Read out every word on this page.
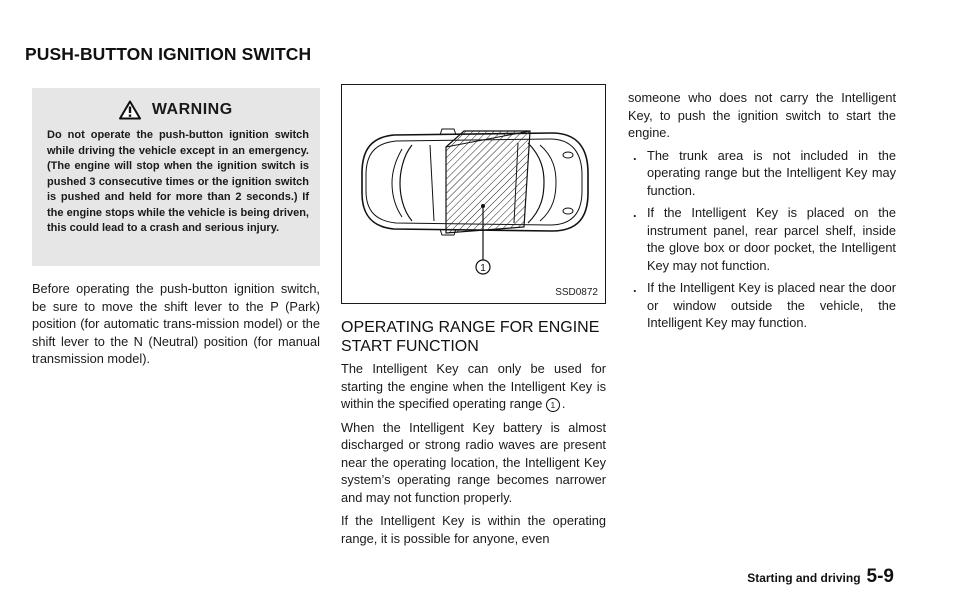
PUSH-BUTTON IGNITION SWITCH
WARNING

Do not operate the push-button ignition switch while driving the vehicle except in an emergency. (The engine will stop when the ignition switch is pushed 3 consecutive times or the ignition switch is pushed and held for more than 2 seconds.) If the engine stops while the vehicle is being driven, this could lead to a crash and serious injury.

Before operating the push-button ignition switch, be sure to move the shift lever to the P (Park) position (for automatic trans-mission model) or the shift lever to the N (Neutral) position (for manual transmission model).

1
SSD0872
OPERATING RANGE FOR ENGINE START FUNCTION

The Intelligent Key can only be used for starting the engine when the Intelligent Key is within the specified operating range 1 .

When the Intelligent Key battery is almost discharged or strong radio waves are present near the operating location, the Intelligent Key system’s operating range becomes narrower and may not function properly.

If the Intelligent Key is within the operating range, it is possible for anyone, even

someone who does not carry the Intelligent Key, to push the ignition switch to start the engine.

. The trunk area is not included in the operating range but the Intelligent Key may function.
. If the Intelligent Key is placed on the instrument panel, rear parcel shelf, inside the glove box or door pocket, the Intelligent Key may not function.
. If the Intelligent Key is placed near the door or window outside the vehicle, the Intelligent Key may function.
Starting and driving 5-9
